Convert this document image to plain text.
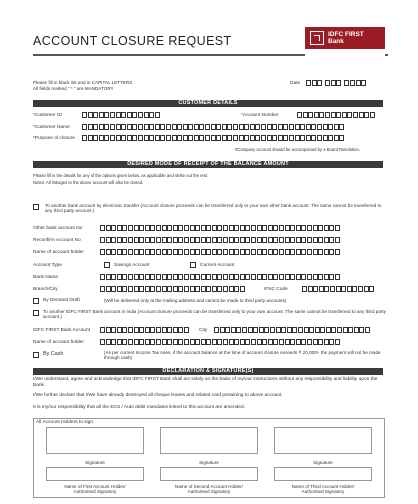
ACCOUNT CLOSURE REQUEST	IDFC FIRST
Bank
Please fill in black ink and in CAPITAL LETTERS
All fields marked " * " are MANDATORY
Date
CUSTOMER DETAILS
*Customer ID	*Account Number
*Customer Name
*Purpose of closure
#Company account should be accompanied by a Board Resolution.
DESIRED MODE OF RECEIPT OF THE BALANCE AMOUNT
Please fill in the details for any of the options given below, as applicable and strike out the rest
Notes: All linkages to the above account will also be closed.
To another bank account by electronic transfer (Account closure proceeds can be transferred only to your own other bank account. The same cannot be transferred to any third party account.)
Other bank account No
Reconfirm Account No
Name of account holder
Account Type	Savings Account	Current Account
Bank Name
Branch/City	IFSC Code
By Demand Draft	(Will be delivered only at the mailing address and cannot be made to third party accounts)
To another IDFC FIRST Bank account in India (Account closure proceeds can be transferred only to your own account. The same cannot be transferred to any third party account.)
IDFC FIRST Bank Account	City
Name of account holder
By Cash	(As per current Income Tax rules, if the account balance at the time of account closure exceeds ₹ 20,000/- the payment will not be made through cash)
DECLARATION & SIGNATURE(S)
I/We understand, agree and acknowledge that IDFC FIRST Bank shall act solely on the basis of my/our instructions without any responsibility and liability upon the Bank.
I/We further declare that I/We have already destroyed all cheque leaves and related card pertaining to above account.
It is my/our responsibility that all the ECS / Auto debit mandates linked to this account are amended.
All Account Holders to sign
Signature	Signature	Signature
Name of First Account Holder/
Authorised Signatory
Name of Second Account Holder/
Authorised Signatory
Name of Third Account Holder/
Authorised Signatory
